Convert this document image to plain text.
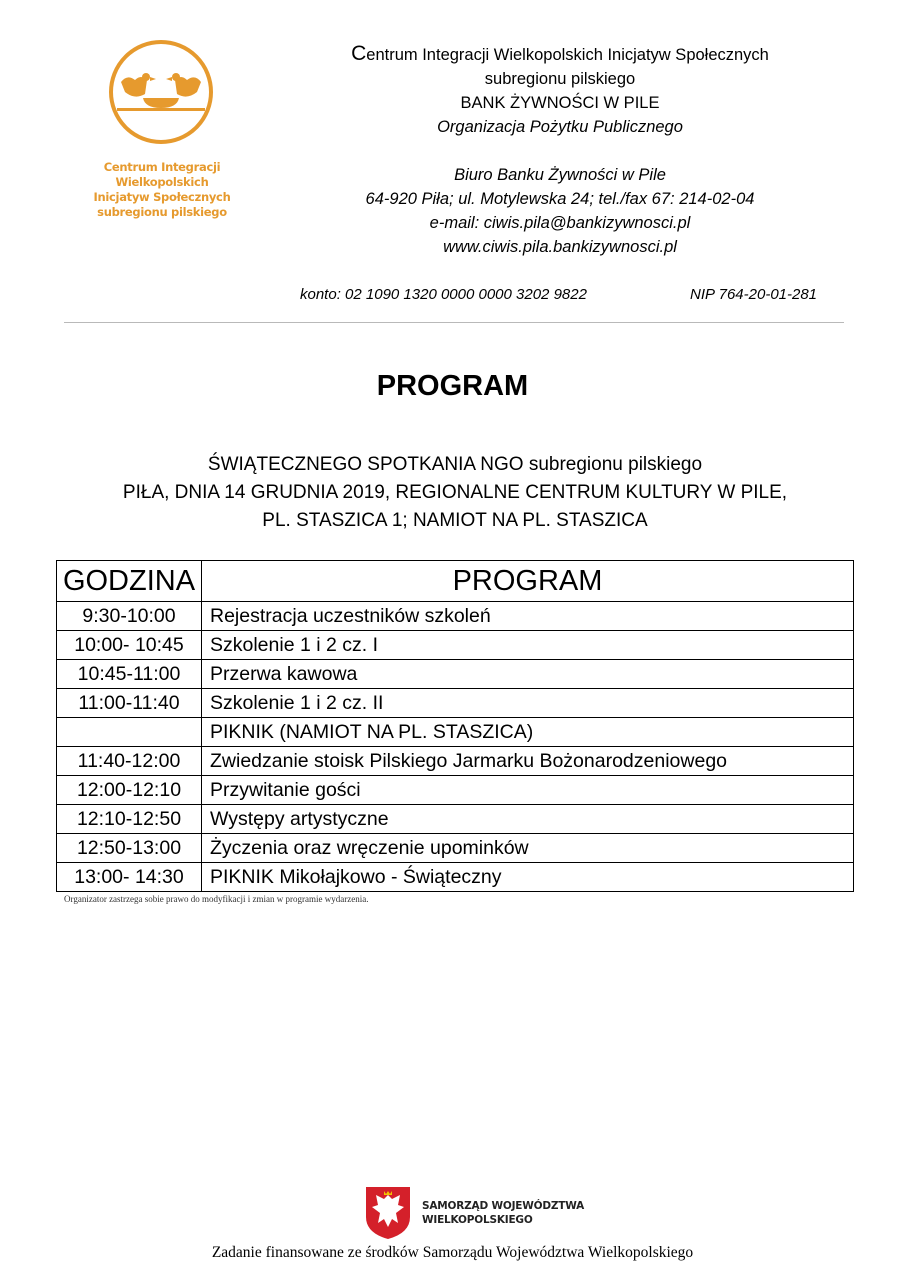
Centrum Integracji Wielkopolskich
Inicjatyw Społecznych
subregionu pilskiego
Centrum Integracji Wielkopolskich Inicjatyw Społecznych
subregionu pilskiego
BANK ŻYWNOŚCI W PILE
Organizacja Pożytku Publicznego
Biuro Banku Żywności w Pile
64-920 Piła; ul. Motylewska 24; tel./fax 67: 214-02-04
e-mail: ciwis.pila@bankizywnosci.pl
www.ciwis.pila.bankizywnosci.pl
konto: 02 1090 1320 0000 0000 3202 9822	NIP 764-20-01-281
PROGRAM
ŚWIĄTECZNEGO SPOTKANIA NGO subregionu pilskiego
PIŁA, DNIA 14 GRUDNIA 2019, REGIONALNE CENTRUM KULTURY W PILE,
PL. STASZICA 1; NAMIOT NA PL. STASZICA
GODZINA	PROGRAM
9:30-10:00	Rejestracja uczestników szkoleń
10:00- 10:45	Szkolenie 1 i 2 cz. I
10:45-11:00	Przerwa kawowa
11:00-11:40	Szkolenie 1 i 2 cz. II
	PIKNIK (NAMIOT NA PL. STASZICA)
11:40-12:00	Zwiedzanie stoisk Pilskiego Jarmarku Bożonarodzeniowego
12:00-12:10	Przywitanie gości
12:10-12:50	Występy artystyczne
12:50-13:00	Życzenia oraz wręczenie upominków
13:00- 14:30	PIKNIK Mikołajkowo - Świąteczny
Organizator zastrzega sobie prawo do modyfikacji i zmian w programie wydarzenia.
SAMORZĄD WOJEWÓDZTWA
WIELKOPOLSKIEGO
Zadanie finansowane ze środków Samorządu Województwa Wielkopolskiego
